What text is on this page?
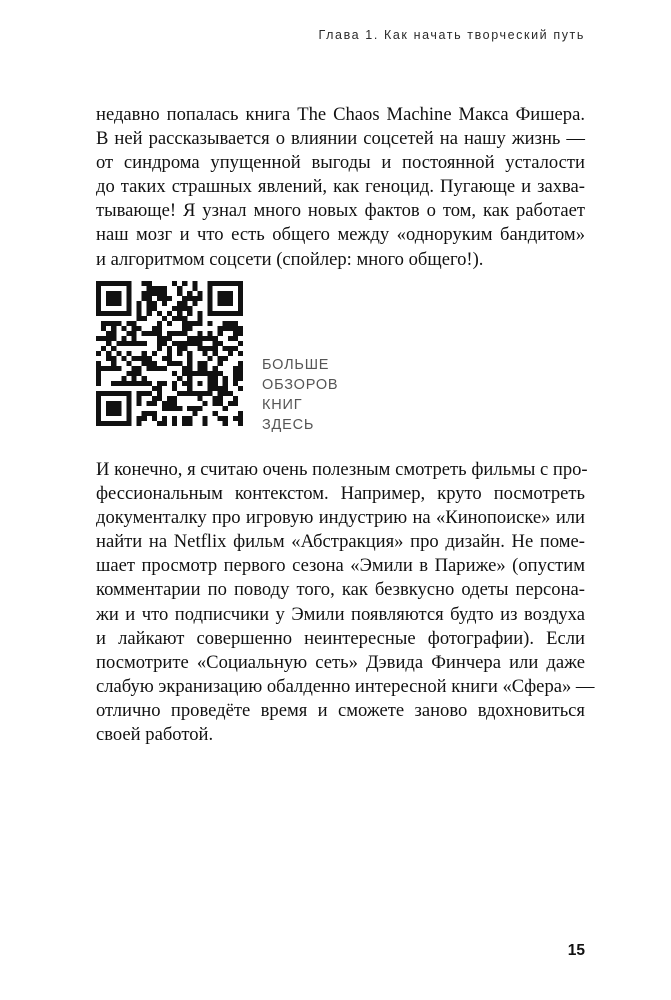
Глава 1. Как начать творческий путь
недавно попалась книга The Chaos Machine Макса Фишера.
В ней рассказывается о влиянии соцсетей на нашу жизнь —
от синдрома упущенной выгоды и постоянной усталости
до таких страшных явлений, как геноцид. Пугающе и захва-
тывающе! Я узнал много новых фактов о том, как работает
наш мозг и что есть общего между «одноруким бандитом»
и алгоритмом соцсети (спойлер: много общего!).
БОЛЬШЕ
ОБЗОРОВ
КНИГ
ЗДЕСЬ
И конечно, я считаю очень полезным смотреть фильмы с про-
фессиональным контекстом. Например, круто посмотреть
документалку про игровую индустрию на «Кинопоиске» или
найти на Netflix фильм «Абстракция» про дизайн. Не поме-
шает просмотр первого сезона «Эмили в Париже» (опустим
комментарии по поводу того, как безвкусно одеты персона-
жи и что подписчики у Эмили появляются будто из воздуха
и лайкают совершенно неинтересные фотографии). Если
посмотрите «Социальную сеть» Дэвида Финчера или даже
слабую экранизацию обалденно интересной книги «Сфера» —
отлично проведёте время и сможете заново вдохновиться
своей работой.
15
